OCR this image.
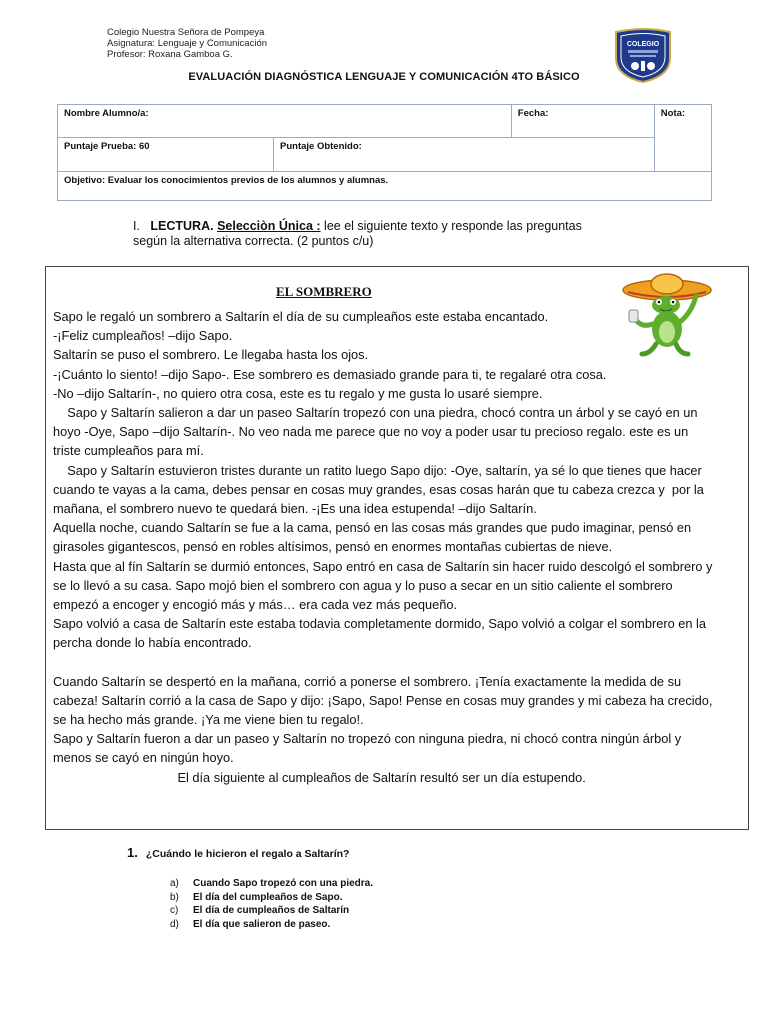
Colegio Nuestra Señora de Pompeya
Asignatura: Lenguaje y Comunicación
Profesor: Roxana Gamboa G.
COLEGIO
EVALUACIÓN DIAGNÓSTICA LENGUAJE Y COMUNICACIÓN 4TO BÁSICO
Nombre Alumno/a:		Fecha:	Nota:
Puntaje Prueba: 60	Puntaje Obtenido:		
Objetivo: Evaluar los conocimientos previos de los alumnos y alumnas.			
I. LECTURA. Selecciòn Única : lee el siguiente texto y responde las preguntas
según la alternativa correcta. (2 puntos c/u)
EL SOMBRERO

Sapo le regaló un sombrero a Saltarín el día de su cumpleaños este estaba encantado.

-¡Feliz cumpleaños! –dijo Sapo.

Saltarín se puso el sombrero. Le llegaba hasta los ojos.

-¡Cuánto lo siento! –dijo Sapo-. Ese sombrero es demasiado grande para ti, te regalaré otra cosa.

-No –dijo Saltarín-, no quiero otra cosa, este es tu regalo y me gusta lo usaré siempre.

Sapo y Saltarín salieron a dar un paseo Saltarín tropezó con una piedra, chocó contra un árbol y se cayó en un hoyo -Oye, Sapo –dijo Saltarín-. No veo nada me parece que no voy a poder usar tu precioso regalo. este es un triste cumpleaños para mí.

Sapo y Saltarín estuvieron tristes durante un ratito luego Sapo dijo: -Oye, saltarín, ya sé lo que tienes que hacer cuando te vayas a la cama, debes pensar en cosas muy grandes, esas cosas harán que tu cabeza crezca y  por la mañana, el sombrero nuevo te quedará bien. -¡Es una idea estupenda! –dijo Saltarín.

Aquella noche, cuando Saltarín se fue a la cama, pensó en las cosas más grandes que pudo imaginar, pensó en girasoles gigantescos, pensó en robles altísimos, pensó en enormes montañas cubiertas de nieve.

Hasta que al fín Saltarín se durmió entonces, Sapo entró en casa de Saltarín sin hacer ruido descolgó el sombrero y se lo llevó a su casa. Sapo mojó bien el sombrero con agua y lo puso a secar en un sitio caliente el sombrero empezó a encoger y encogió más y más… era cada vez más pequeño.

Sapo volvió a casa de Saltarín este estaba todavia completamente dormido, Sapo volvió a colgar el sombrero en la percha donde lo había encontrado.

Cuando Saltarín se despertó en la mañana, corrió a ponerse el sombrero. ¡Tenía exactamente la medida de su cabeza! Saltarín corrió a la casa de Sapo y dijo: ¡Sapo, Sapo! Pense en cosas muy grandes y mi cabeza ha crecido, se ha hecho más grande. ¡Ya me viene bien tu regalo!.

Sapo y Saltarín fueron a dar un paseo y Saltarín no tropezó con ninguna piedra, ni chocó contra ningún árbol y menos se cayó en ningún hoyo.

El día siguiente al cumpleaños de Saltarín resultó ser un día estupendo.

1. ¿Cuándo le hicieron el regalo a Saltarín?
a)	Cuando Sapo tropezó con una piedra.
b)	El día del cumpleaños de Sapo.
c)	El día de cumpleaños de Saltarín
d)	El día que salieron de paseo.
